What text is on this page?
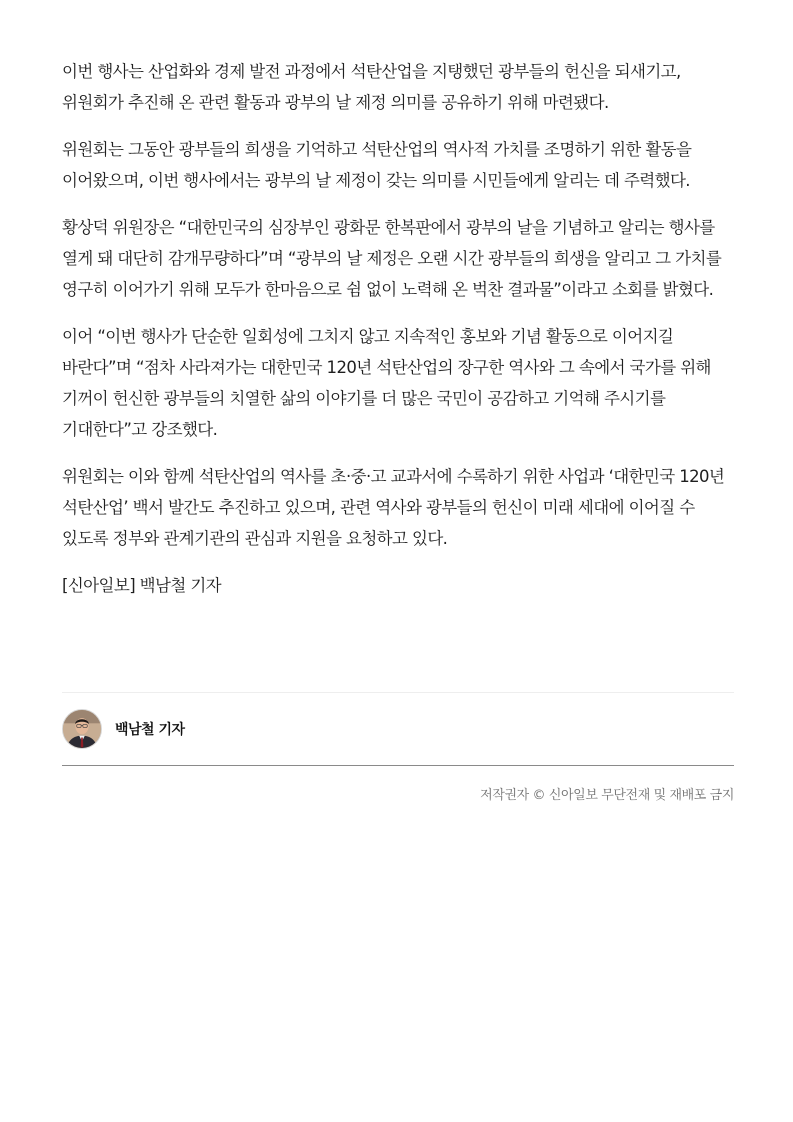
이번 행사는 산업화와 경제 발전 과정에서 석탄산업을 지탱했던 광부들의 헌신을 되새기고, 위원회가 추진해 온 관련 활동과 광부의 날 제정 의미를 공유하기 위해 마련됐다.

위원회는 그동안 광부들의 희생을 기억하고 석탄산업의 역사적 가치를 조명하기 위한 활동을 이어왔으며, 이번 행사에서는 광부의 날 제정이 갖는 의미를 시민들에게 알리는 데 주력했다.

황상덕 위원장은 “대한민국의 심장부인 광화문 한복판에서 광부의 날을 기념하고 알리는 행사를 열게 돼 대단히 감개무량하다”며 “광부의 날 제정은 오랜 시간 광부들의 희생을 알리고 그 가치를 영구히 이어가기 위해 모두가 한마음으로 쉼 없이 노력해 온 벅찬 결과물”이라고 소회를 밝혔다.

이어 “이번 행사가 단순한 일회성에 그치지 않고 지속적인 홍보와 기념 활동으로 이어지길 바란다”며 “점차 사라져가는 대한민국 120년 석탄산업의 장구한 역사와 그 속에서 국가를 위해 기꺼이 헌신한 광부들의 치열한 삶의 이야기를 더 많은 국민이 공감하고 기억해 주시기를 기대한다”고 강조했다.

위원회는 이와 함께 석탄산업의 역사를 초·중·고 교과서에 수록하기 위한 사업과 ‘대한민국 120년 석탄산업’ 백서 발간도 추진하고 있으며, 관련 역사와 광부들의 헌신이 미래 세대에 이어질 수 있도록 정부와 관계기관의 관심과 지원을 요청하고 있다.

[신아일보] 백남철 기자

백남철 기자
저작권자 © 신아일보 무단전재 및 재배포 금지
